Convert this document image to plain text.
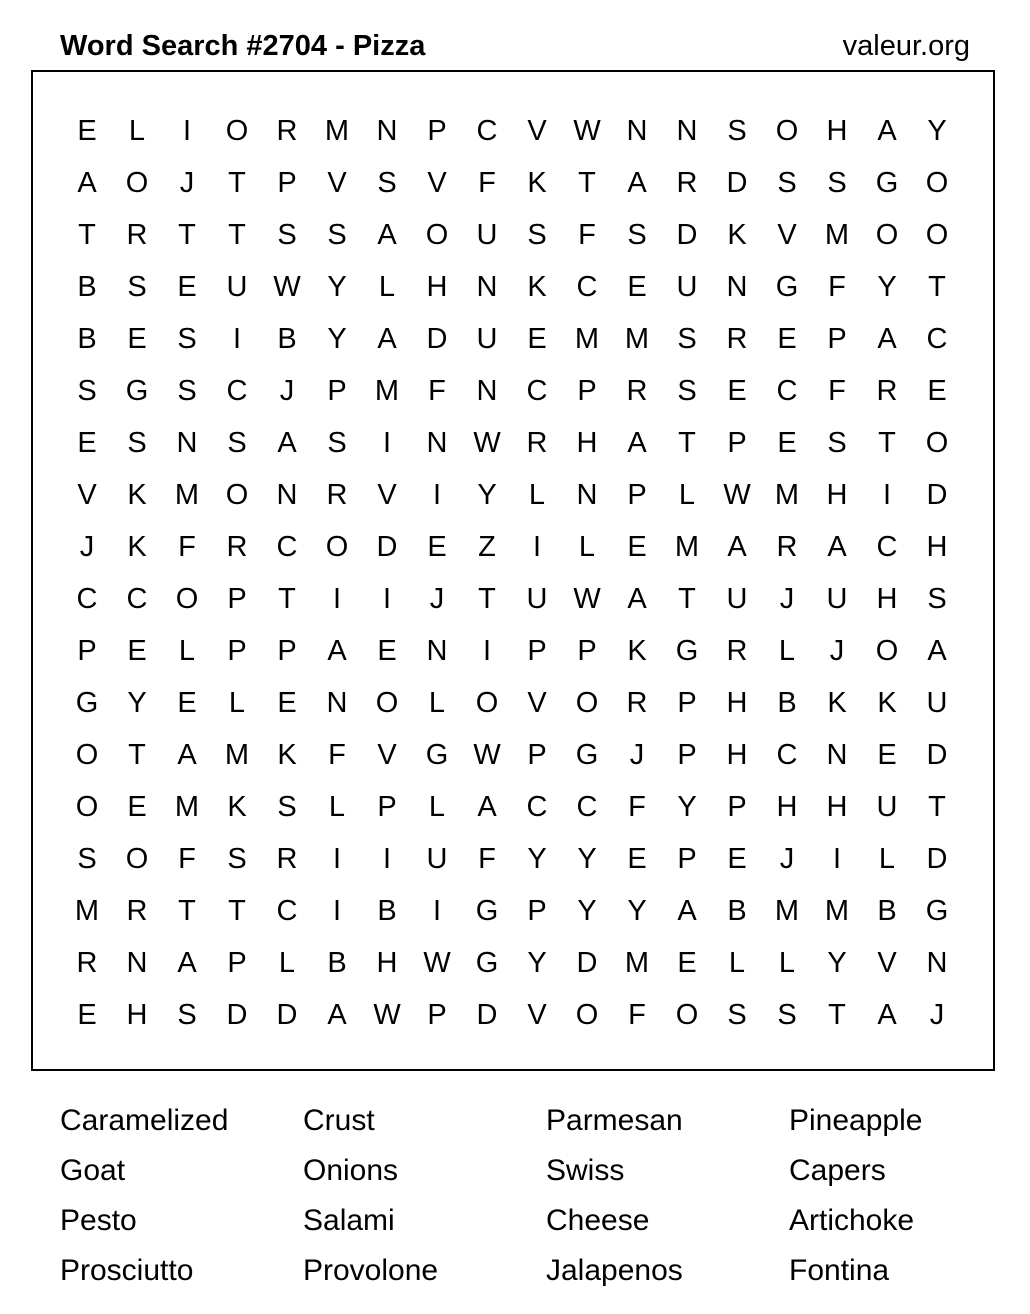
Word Search #2704 - Pizza	valeur.org
E	L	I	O R M N	P	C	V W N	N	S	O H	A	Y
A	O	J	T	P	V	S	V	F	K	T	A	R	D	S	S	G O
T	R	T	T	S	S	A	O U	S	F	S	D	K	V M O O
B	S	E	U W Y	L	H	N	K	C	E	U	N G	F	Y	T
B	E	S	I	B	Y	A	D	U	E M M S	R	E	P	A	C
S	G	S	C	J	P M	F	N	C	P	R	S	E	C	F	R	E
E	S	N	S	A	S	I	N W R	H	A	T	P	E	S	T	O
V	K M O N	R	V	I	Y	L	N	P	L W M H	I	D
J	K	F	R	C O D	E	Z	I	L	E M A	R	A	C	H
C	C O	P	T	I	I	J	T	U W A	T	U	J	U	H	S
P	E	L	P	P	A	E	N	I	P	P	K	G R	L	J	O	A
G	Y	E	L	E	N O	L	O	V	O R	P	H	B	K	K	U
O	T	A M K	F	V	G W P	G	J	P	H	C	N	E	D
O	E M K	S	L	P	L	A	C	C	F	Y	P	H	H	U	T
S	O	F	S	R	I	I	U	F	Y	Y	E	P	E	J	I	L	D
M R	T	T	C	I	B	I	G	P	Y	Y	A	B M M B	G
R	N	A	P	L	B	H W G	Y	D M E	L	L	Y	V	N
E	H	S	D	D	A W P	D	V	O	F	O	S	S	T	A	J
Caramelized	Crust	Parmesan	Pineapple
Goat	Onions	Swiss	Capers
Pesto	Salami	Cheese	Artichoke
Prosciutto	Provolone	Jalapenos	Fontina
